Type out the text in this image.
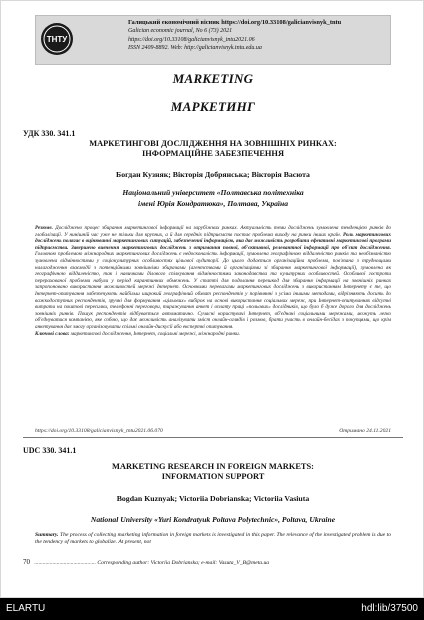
ТНТУ
Галицький економічний вісник https://doi.org/10.33108/galicianvisnyk_tntu
Galician economic journal, No 6 (73) 2021
https://doi.org/10.33108/galicianvisnyk_tntu2021.06
ISSN 2409-8892. Web: http://galicianvisnyk.tntu.edu.ua
MARKETING
МАРКЕТИНГ
УДК 330. 341.1
МАРКЕТИНГОВІ ДОСЛІДЖЕННЯ НА ЗОВНІШНІХ РИНКАХ:
ІНФОРМАЦІЙНЕ ЗАБЕЗПЕЧЕННЯ
Богдан Кузняк; Вікторія Добрянська; Вікторія Васюта
Національний університет «Полтавська політехніка
імені Юрія Кондратюка», Полтава, Україна
Резюме. Досліджено процес збирання маркетингової інформації на зарубіжних ринках. Актуальність теми досліджень зумовлена тенденцією ринків до глобалізації. У нинішній час уже не тільки для крупних, а й для середніх підприємств постає проблема виходу на ринки інших країн. Роль маркетингових досліджень полягає в оцінюванні маркетингових ситуацій, забезпеченні інформацією, яка дає можливість розробити ефективні маркетингові програми підприємства. Завершено вивчення маркетингових досліджень з отримання повної, об'єктивної, релевантної інформації про об'єкт дослідження. Головною проблемою міжнародних маркетингових досліджень є недосконалість інформації, зумовлена географічною віддаленістю ринків та необізнаністю зумовлена відмінностями у соціокультурних особливостях цільової аудиторії. До цього додається організаційна проблема, пов'язана з труднощами налагодження взаємодії з потенційними зовнішніми збирачами (агентствами й організаціями зі збирання маркетингової інформації), зумовлена як географічною віддаленістю, так і навичками ділового спілкування відмінностями законодавства та культурних особливостей. Особливої гостроти перерахованої проблеми набули у період карантинних обмежень. У статті для подолання перешкод для збирання інформації на зовнішніх ринках запропоновано використання можливостей мережі Інтернет. Основними перевагами маркетингових досліджень з використанням Інтернету є те, що Інтернет-опитування забезпечують найбільш широкий географічний обхват респондентів у порівнянні з усіма іншими методами, відрізняють досить до важкодоступних респондентів, зручні для формування «цільових» вибірок на основі використання соціальних мереж, при Інтернет-опитуваннях відсутні витрати на поштові пересилки, телефонні переговори, тиражування анкет і оплату праці «польових» дослідників, що було б дуже дорого для досліджень зовнішніх ринків. Пошук респондентів відбувається автоматично. Сучасні користувачі Інтернет, об'єднані соціальними мережами, можуть легко об'єднуватися компанією, яке собою, що дає можливість аналізувати зміст онлайн-оглядів і розмов, брати участь в онлайн-бесідах з покупцями, що крім анкетування дає змогу організовувати спільні онлайн-дискусії або експертні опитування.
Ключові слова: маркетингові дослідження, Інтернет, соціальні мережі, міжнародні ринки.
https://doi.org/10.33108/galicianvisnyk_tntu2021.06.070	Отримано 24.11.2021
UDC 330. 341.1
MARKETING RESEARCH IN FOREIGN MARKETS:
INFORMATION SUPPORT
Bogdan Kuznyak; Victoriia Dobrianska; Victoriia Vasiuta
National University «Yuri Kondratyuk Poltava Polytechnic», Poltava, Ukraine
Summary. The process of collecting marketing information in foreign markets is investigated in this paper. The relevance of the investigated problem is due to the tendency of markets to globalize. At present, not
70 ............................................ Corresponding author: Victoriia Dobrianska; e-mail: Vasuta_V_B@meta.ua
ELARTU	hdl:lib/37500
